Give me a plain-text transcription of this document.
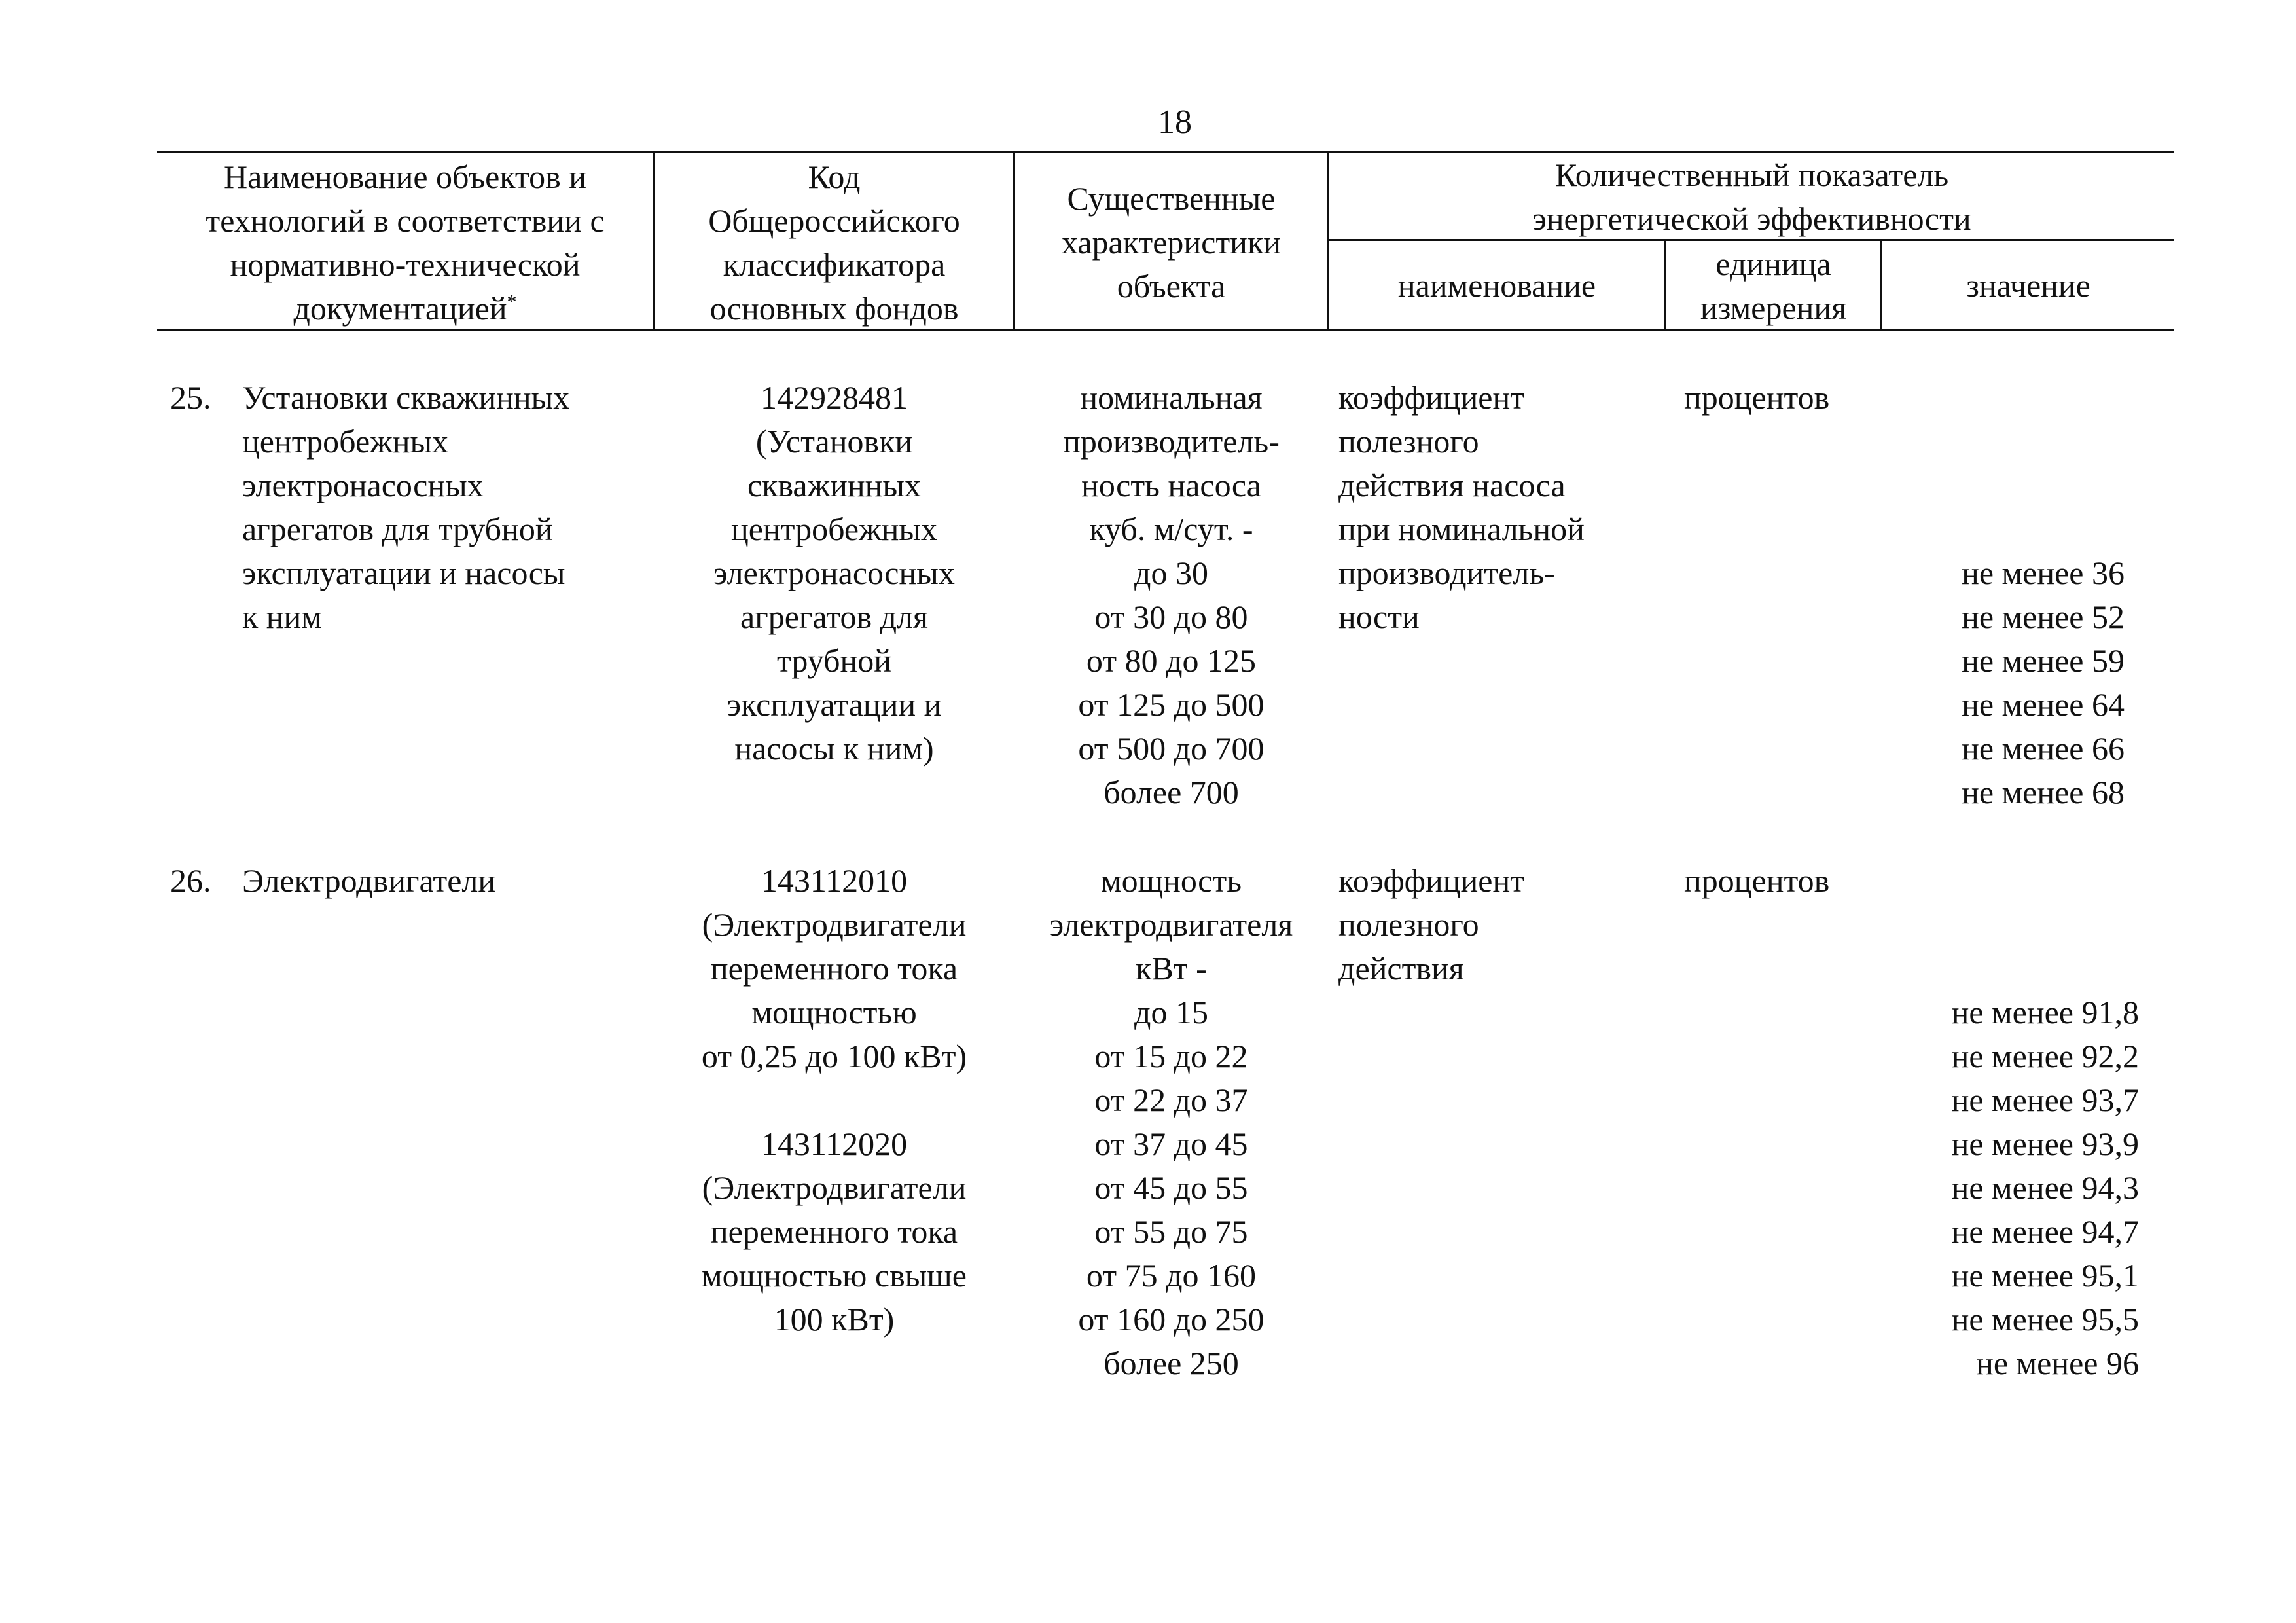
18
Наименование объектов и
технологий в соответствии с
нормативно-технической
документацией*
Код
Общероссийского
классификатора
основных фондов
Существенные
характеристики
объекта
Количественный показатель
энергетической эффективности
наименование
единица
измерения
значение
25. Установки скважинных
центробежных
электронасосных
агрегатов для трубной
эксплуатации и насосы
к ним
142928481
(Установки
скважинных
центробежных
электронасосных
агрегатов для
трубной
эксплуатации и
насосы к ним)
номинальная
производитель-
ность насоса
куб. м/сут. -
до 30
от 30 до 80
от 80 до 125
от 125 до 500
от 500 до 700
более 700
коэффициент
полезного
действия насоса
при номинальной
производитель-
ности
процентов
не менее 36
не менее 52
не менее 59
не менее 64
не менее 66
не менее 68
26. Электродвигатели	143112010
(Электродвигатели
переменного тока
мощностью
от 0,25 до 100 кВт)

143112020
(Электродвигатели
переменного тока
мощностью свыше
100 кВт)
мощность
электродвигателя
кВт -
до 15
от 15 до 22
от 22 до 37
от 37 до 45
от 45 до 55
от 55 до 75
от 75 до 160
от 160 до 250
более 250
коэффициент
полезного
действия
процентов
не менее 91,8
не менее 92,2
не менее 93,7
не менее 93,9
не менее 94,3
не менее 94,7
не менее 95,1
не менее 95,5
не менее 96
